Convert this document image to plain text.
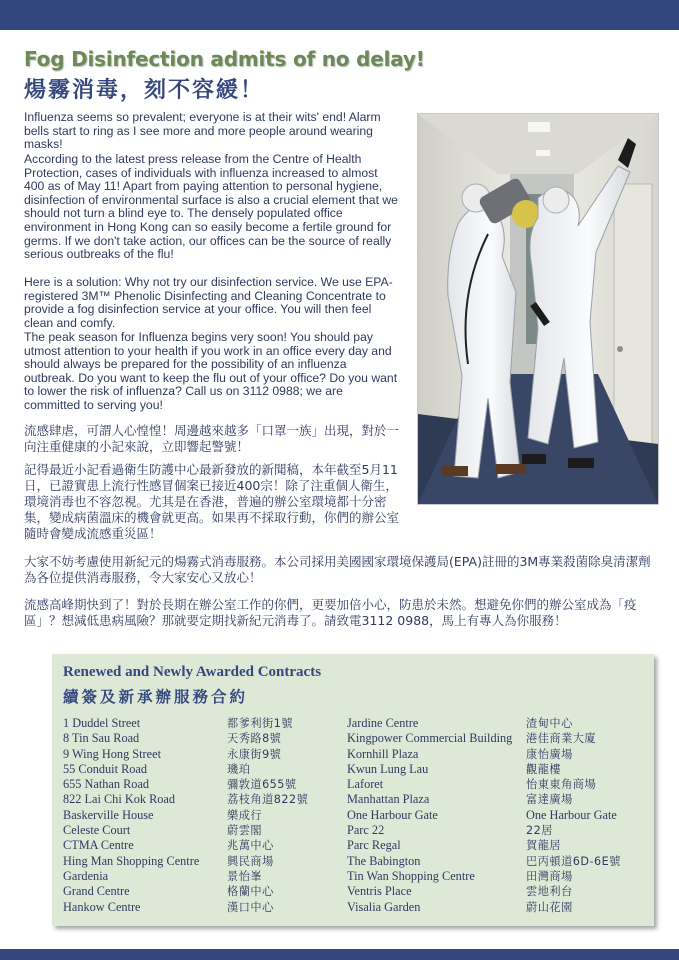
Fog Disinfection admits of no delay!
煬霧消毒，刻不容緩！

Influenza seems so prevalent; everyone is at their wits' end! Alarm bells start to ring as I see more and more people around wearing masks!

According to the latest press release from the Centre of Health Protection, cases of individuals with influenza increased to almost 400 as of May 11! Apart from paying attention to personal hygiene, disinfection of environmental surface is also a crucial element that we should not turn a blind eye to. The densely populated office environment in Hong Kong can so easily become a fertile ground for germs. If we don't take action, our offices can be the source of really serious outbreaks of the flu!

Here is a solution: Why not try our disinfection service. We use EPA-registered 3M™ Phenolic Disinfecting and Cleaning Concentrate to provide a fog disinfection service at your office. You will then feel clean and comfy.

The peak season for Influenza begins very soon! You should pay utmost attention to your health if you work in an office every day and should always be prepared for the possibility of an influenza outbreak. Do you want to keep the flu out of your office? Do you want to lower the risk of influenza? Call us on 3112 0988; we are committed to serving you!

流感肆虐，可謂人心惶惶！周邊越來越多「口罩一族」出現，對於一向注重健康的小記來說，立即響起警號！

記得最近小記看過衛生防護中心最新發放的新聞稿，本年截至5月11日，已證實患上流行性感冒個案已接近400宗！除了注重個人衛生，環境消毒也不容忽視。尤其是在香港，普遍的辦公室環境都十分密集，變成病菌溫床的機會就更高。如果再不採取行動，你們的辦公室隨時會變成流感重災區！

大家不妨考慮使用新紀元的煬霧式消毒服務。本公司採用美國國家環境保護局(EPA)註冊的3M專業殺菌除臭清潔劑為各位提供消毒服務，令大家安心又放心！

流感高峰期快到了！對於長期在辦公室工作的你們，更要加倍小心，防患於未然。想避免你們的辦公室成為「疫區」？想減低患病風險？那就要定期找新紀元消毒了。請致電3112 0988，馬上有專人為你服務！

Renewed and Newly Awarded Contracts
續簽及新承辦服務合約
1 Duddel Street
8 Tin Sau Road
9 Wing Hong Street
55 Conduit Road
655 Nathan Road
822 Lai Chi Kok Road
Baskerville House
Celeste Court
CTMA Centre
Hing Man Shopping Centre
Gardenia
Grand Centre
Hankow Centre
都爹利街1號
天秀路8號
永康街9號
璣珀
彌敦道655號
荔枝角道822號
樂成行
蔚雲閣
兆萬中心
興民商場
景怡峯
格蘭中心
漢口中心
Jardine Centre
Kingpower Commercial Building
Kornhill Plaza
Kwun Lung Lau
Laforet
Manhattan Plaza
One Harbour Gate
Parc 22
Parc Regal
The Babington
Tin Wan Shopping Centre
Ventris Place
Visalia Garden
渣甸中心
港佳商業大廈
康怡廣場
觀龍樓
怡東東角商場
富達廣場
One Harbour Gate
22居
賀龍居
巴丙頓道6D-6E號
田灣商場
雲地利台
蔚山花園
